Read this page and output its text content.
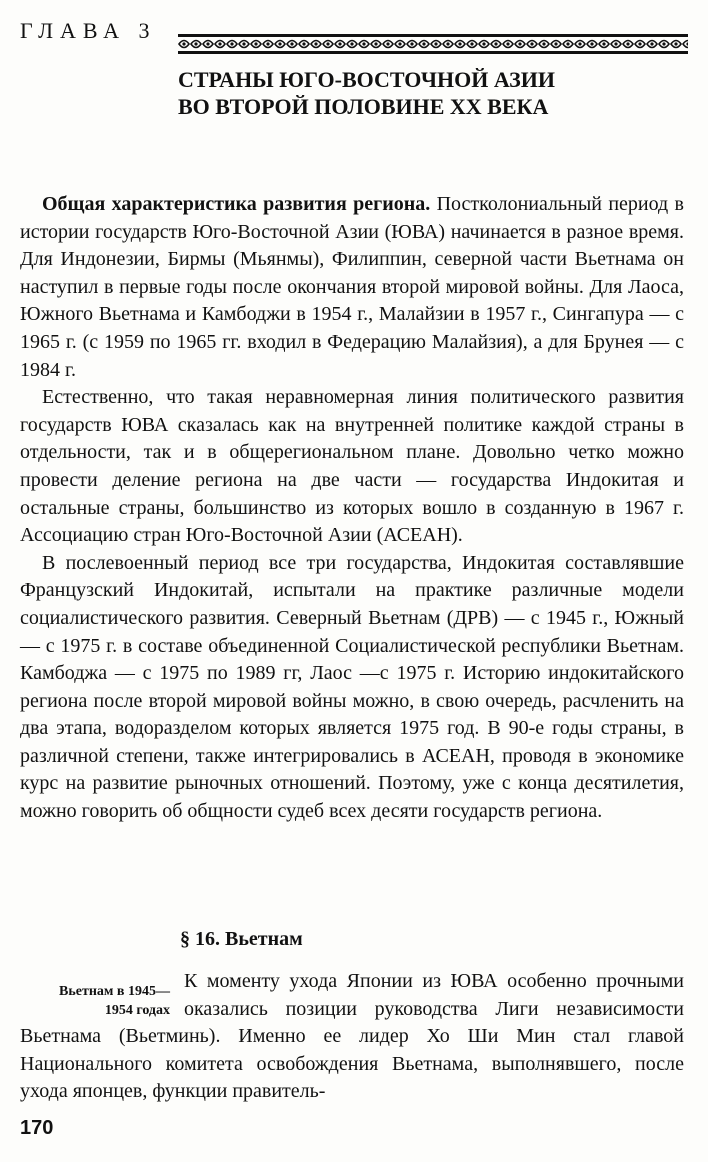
ГЛАВА 3
СТРАНЫ ЮГО-ВОСТОЧНОЙ АЗИИ
ВО ВТОРОЙ ПОЛОВИНЕ XX ВЕКА

Общая характеристика развития региона. Постколониальный период в истории государств Юго-Восточной Азии (ЮВА) начинается в разное время. Для Индонезии, Бирмы (Мьянмы), Филиппин, северной части Вьетнама он наступил в первые годы после окончания второй мировой войны. Для Лаоса, Южного Вьетнама и Камбоджи в 1954 г., Малайзии в 1957 г., Сингапура — с 1965 г. (с 1959 по 1965 гг. входил в Федерацию Малайзия), а для Брунея — с 1984 г.

Естественно, что такая неравномерная линия политического развития государств ЮВА сказалась как на внутренней политике каждой страны в отдельности, так и в общерегиональном плане. Довольно четко можно провести деление региона на две части — государства Индокитая и остальные страны, большинство из которых вошло в созданную в 1967 г. Ассоциацию стран Юго-Восточной Азии (АСЕАН).

В послевоенный период все три государства, Индокитая составлявшие Французский Индокитай, испытали на практике различные модели социалистического развития. Северный Вьетнам (ДРВ) — с 1945 г., Южный — с 1975 г. в составе объединенной Социалистической республики Вьетнам. Камбоджа — с 1975 по 1989 гг, Лаос —с 1975 г. Историю индокитайского региона после второй мировой войны можно, в свою очередь, расчленить на два этапа, водоразделом которых является 1975 год. В 90-е годы страны, в различной степени, также интегрировались в АСЕАН, проводя в экономике курс на развитие рыночных отношений. Поэтому, уже с конца десятилетия, можно говорить об общности судеб всех десяти государств региона.

§ 16. Вьетнам
Вьетнам в 1945—
1954 годах

К моменту ухода Японии из ЮВА особенно прочными оказались позиции руководства Лиги независимости Вьетнама (Вьетминь). Именно ее лидер Хо Ши Мин стал главой Национального комитета освобождения Вьетнама, выполнявшего, после ухода японцев, функции правитель-

170
